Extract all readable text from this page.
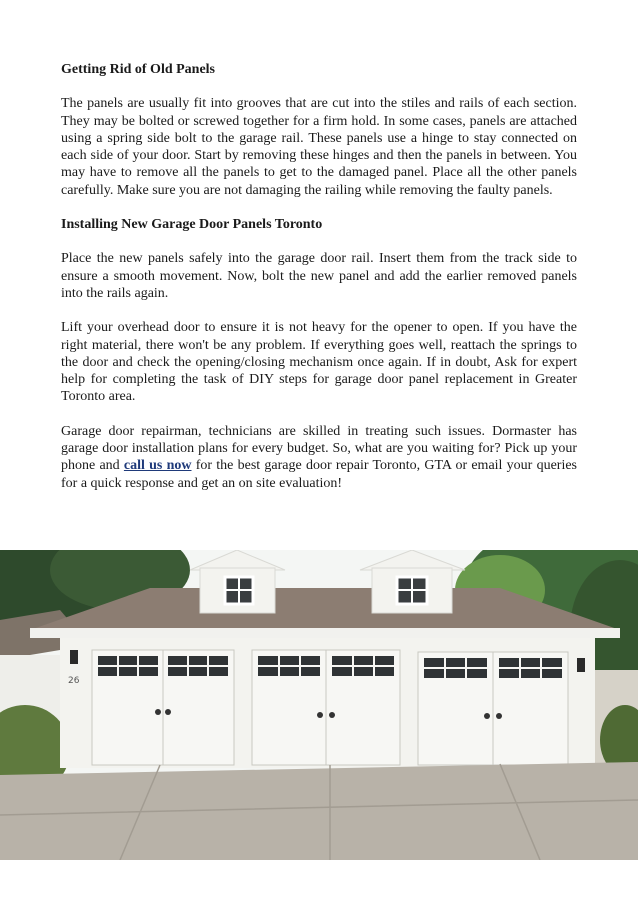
Getting Rid of Old Panels

The panels are usually fit into grooves that are cut into the stiles and rails of each section. They may be bolted or screwed together for a firm hold. In some cases, panels are attached using a spring side bolt to the garage rail. These panels use a hinge to stay connected on each side of your door. Start by removing these hinges and then the panels in between. You may have to remove all the panels to get to the damaged panel. Place all the other panels carefully. Make sure you are not damaging the railing while removing the faulty panels.

Installing New Garage Door Panels Toronto

Place the new panels safely into the garage door rail. Insert them from the track side to ensure a smooth movement. Now, bolt the new panel and add the earlier removed panels into the rails again.

Lift your overhead door to ensure it is not heavy for the opener to open. If you have the right material, there won't be any problem. If everything goes well, reattach the springs to the door and check the opening/closing mechanism once again. If in doubt, Ask for expert help for completing the task of DIY steps for garage door panel replacement in Greater Toronto area.

Garage door repairman, technicians are skilled in treating such issues. Dormaster has garage door installation plans for every budget. So, what are you waiting for? Pick up your phone and call us now for the best garage door repair Toronto, GTA or email your queries for a quick response and get an on site evaluation!

26
